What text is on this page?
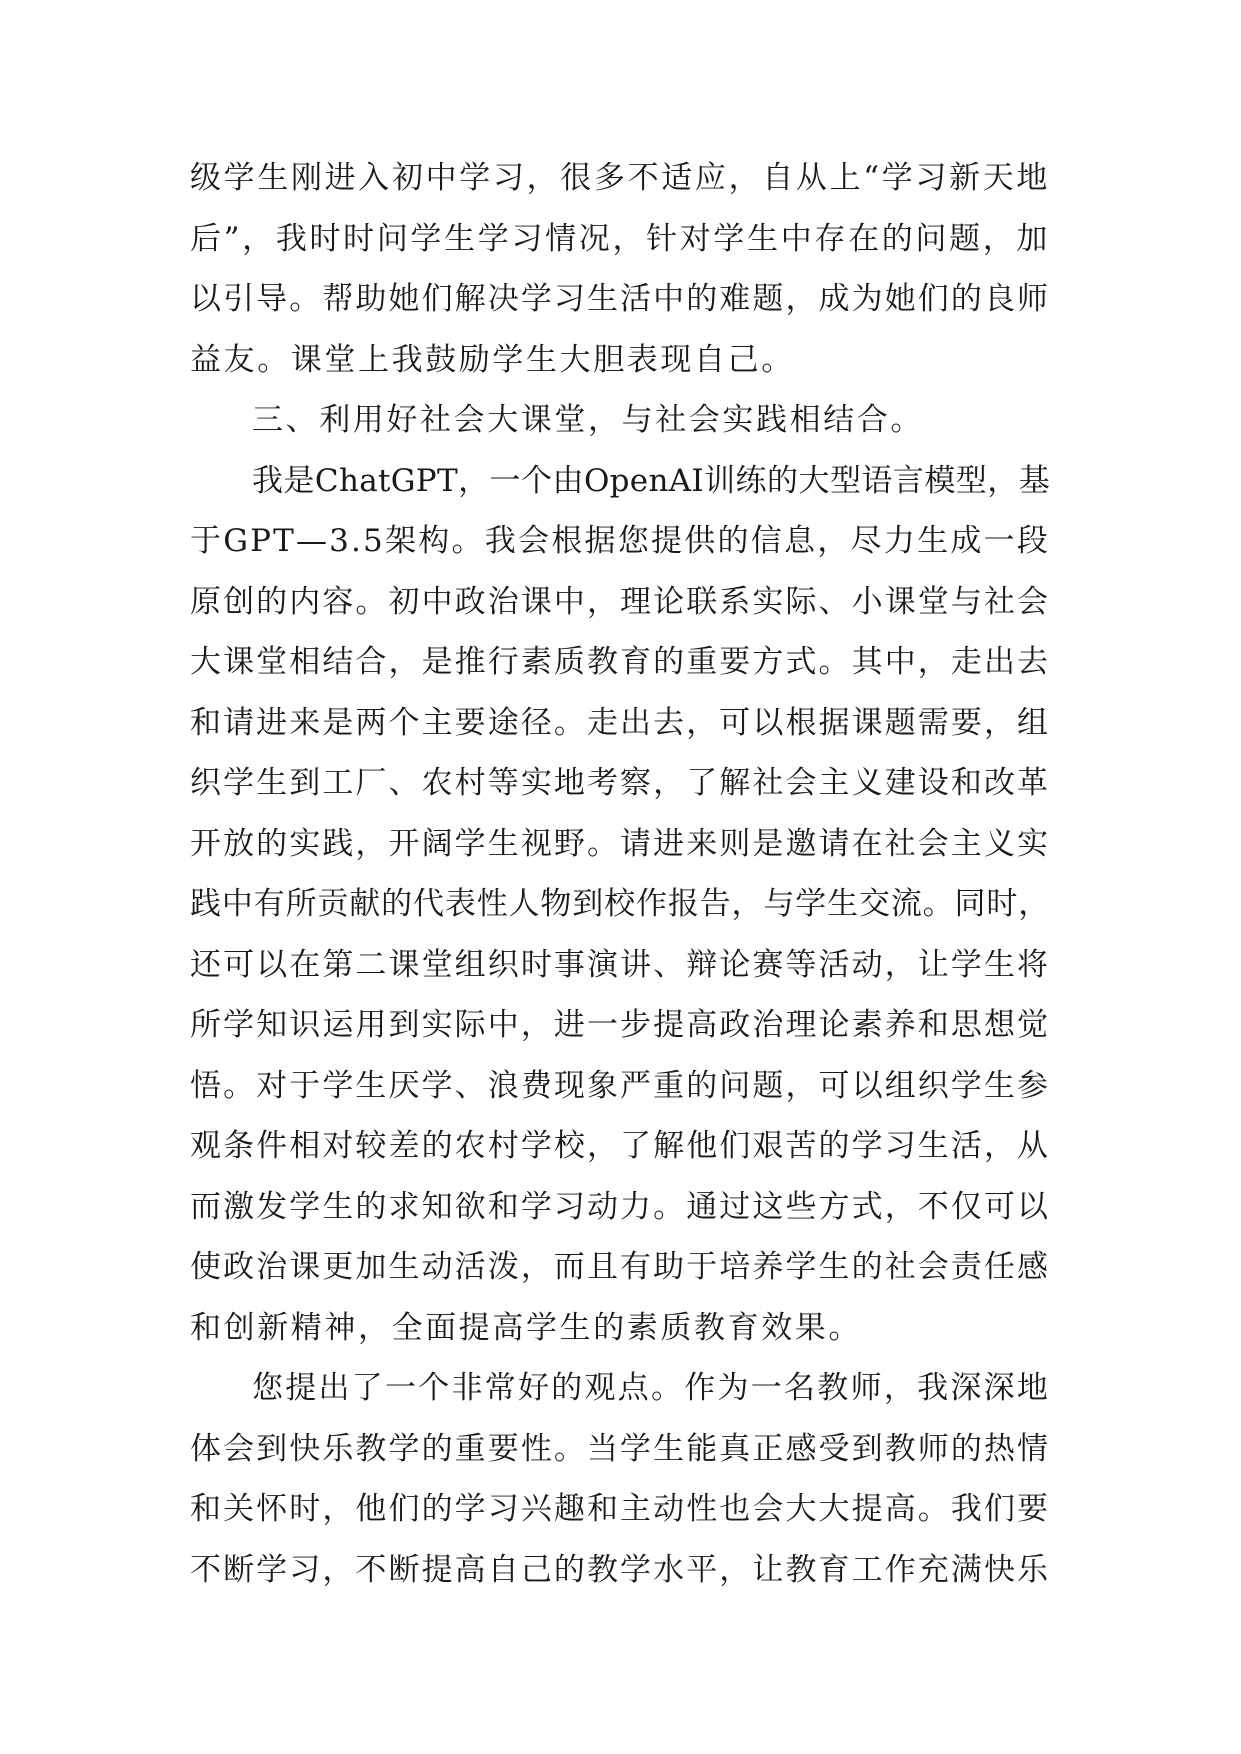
级学生刚进入初中学习，很多不适应，自从上“学习新天地
后”，我时时问学生学习情况，针对学生中存在的问题，加
以引导。帮助她们解决学习生活中的难题，成为她们的良师
益友。课堂上我鼓励学生大胆表现自己。
三、利用好社会大课堂，与社会实践相结合。
我是ChatGPT，一个由OpenAI训练的大型语言模型，基
于GPT—3.5架构。我会根据您提供的信息，尽力生成一段
原创的内容。初中政治课中，理论联系实际、小课堂与社会
大课堂相结合，是推行素质教育的重要方式。其中，走出去
和请进来是两个主要途径。走出去，可以根据课题需要，组
织学生到工厂、农村等实地考察，了解社会主义建设和改革
开放的实践，开阔学生视野。请进来则是邀请在社会主义实
践中有所贡献的代表性人物到校作报告，与学生交流。同时，
还可以在第二课堂组织时事演讲、辩论赛等活动，让学生将
所学知识运用到实际中，进一步提高政治理论素养和思想觉
悟。对于学生厌学、浪费现象严重的问题，可以组织学生参
观条件相对较差的农村学校，了解他们艰苦的学习生活，从
而激发学生的求知欲和学习动力。通过这些方式，不仅可以
使政治课更加生动活泼，而且有助于培养学生的社会责任感
和创新精神，全面提高学生的素质教育效果。
您提出了一个非常好的观点。作为一名教师，我深深地
体会到快乐教学的重要性。当学生能真正感受到教师的热情
和关怀时，他们的学习兴趣和主动性也会大大提高。我们要
不断学习，不断提高自己的教学水平，让教育工作充满快乐
